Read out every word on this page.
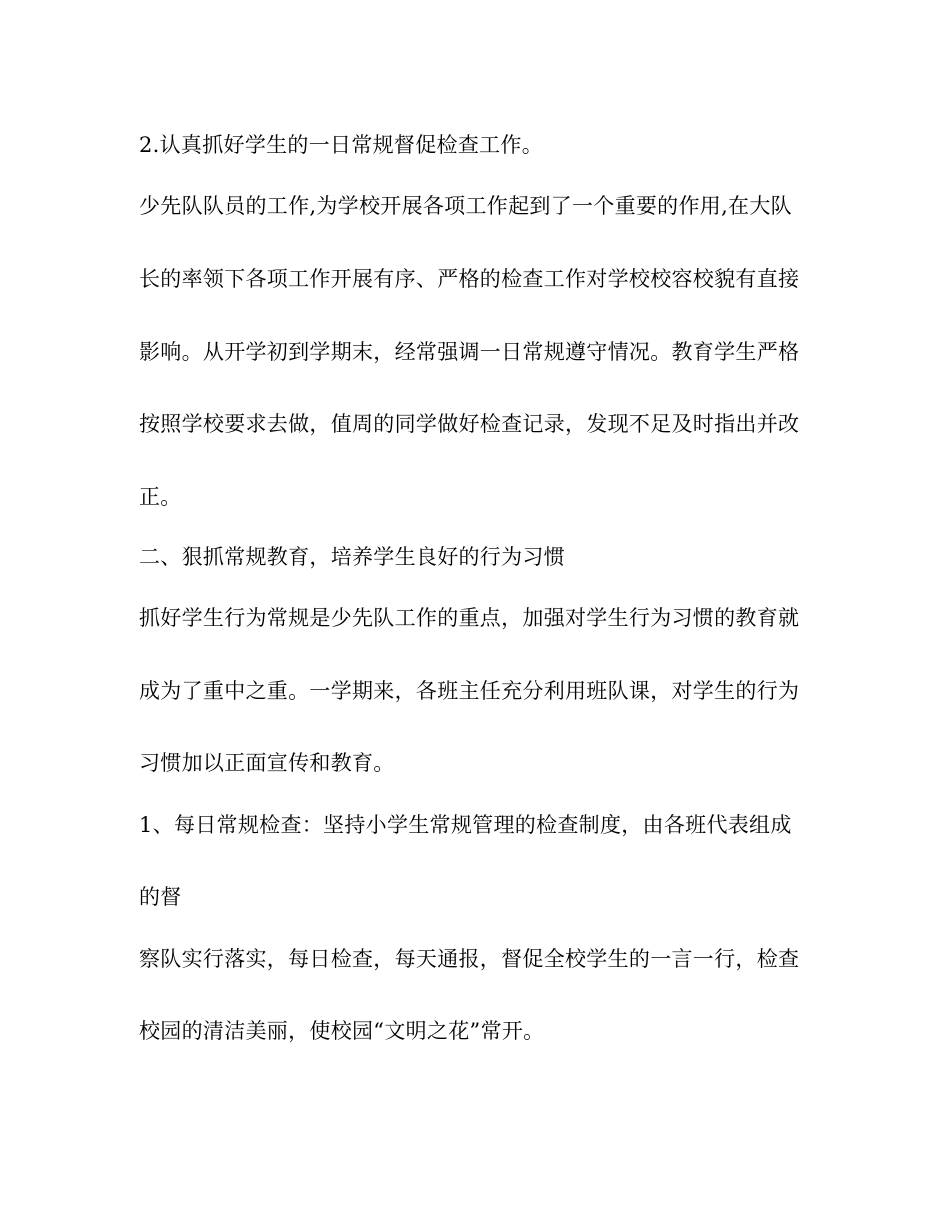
2.认真抓好学生的一日常规督促检查工作。
少先队队员的工作,为学校开展各项工作起到了一个重要的作用,在大队
长的率领下各项工作开展有序、严格的检查工作对学校校容校貌有直接
影响。从开学初到学期末，经常强调一日常规遵守情况。教育学生严格
按照学校要求去做，值周的同学做好检查记录，发现不足及时指出并改
正。
二、狠抓常规教育，培养学生良好的行为习惯
抓好学生行为常规是少先队工作的重点，加强对学生行为习惯的教育就
成为了重中之重。一学期来，各班主任充分利用班队课，对学生的行为
习惯加以正面宣传和教育。
1、每日常规检查：坚持小学生常规管理的检查制度，由各班代表组成
的督
察队实行落实，每日检查，每天通报，督促全校学生的一言一行，检查
校园的清洁美丽，使校园“文明之花”常开。
